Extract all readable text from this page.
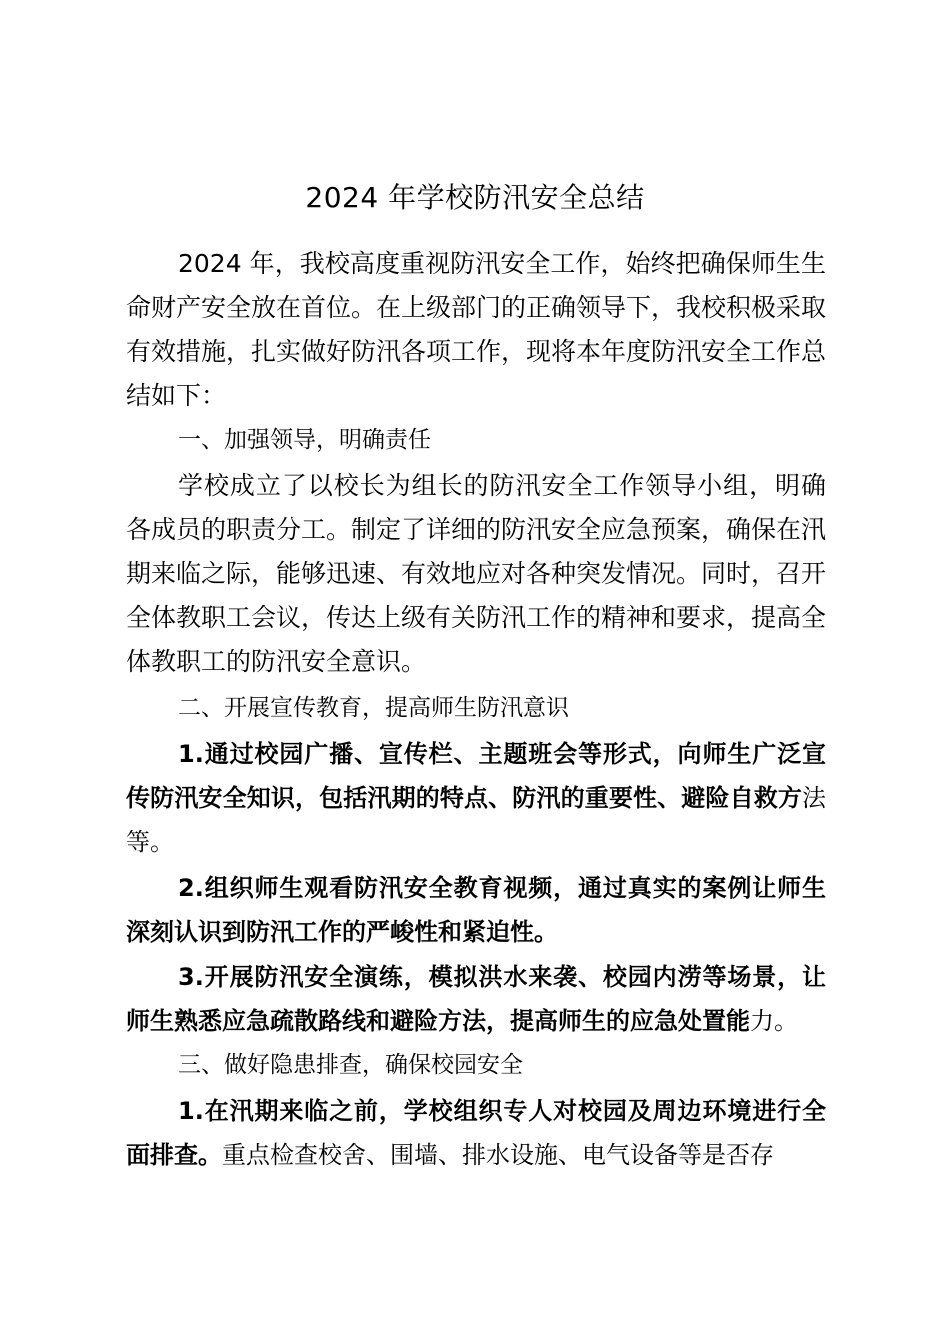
2024 年学校防汛安全总结

2024 年，我校高度重视防汛安全工作，始终把确保师生生命财产安全放在首位。在上级部门的正确领导下，我校积极采取有效措施，扎实做好防汛各项工作，现将本年度防汛安全工作总结如下：

一、加强领导，明确责任

学校成立了以校长为组长的防汛安全工作领导小组，明确各成员的职责分工。制定了详细的防汛安全应急预案，确保在汛期来临之际，能够迅速、有效地应对各种突发情况。同时，召开全体教职工会议，传达上级有关防汛工作的精神和要求，提高全体教职工的防汛安全意识。

二、开展宣传教育，提高师生防汛意识

1.通过校园广播、宣传栏、主题班会等形式，向师生广泛宣传防汛安全知识，包括汛期的特点、防汛的重要性、避险自救方法等。

2.组织师生观看防汛安全教育视频，通过真实的案例让师生深刻认识到防汛工作的严峻性和紧迫性。

3.开展防汛安全演练，模拟洪水来袭、校园内涝等场景，让师生熟悉应急疏散路线和避险方法，提高师生的应急处置能力。

三、做好隐患排查，确保校园安全

1.在汛期来临之前，学校组织专人对校园及周边环境进行全面排查。重点检查校舍、围墙、排水设施、电气设备等是否存
